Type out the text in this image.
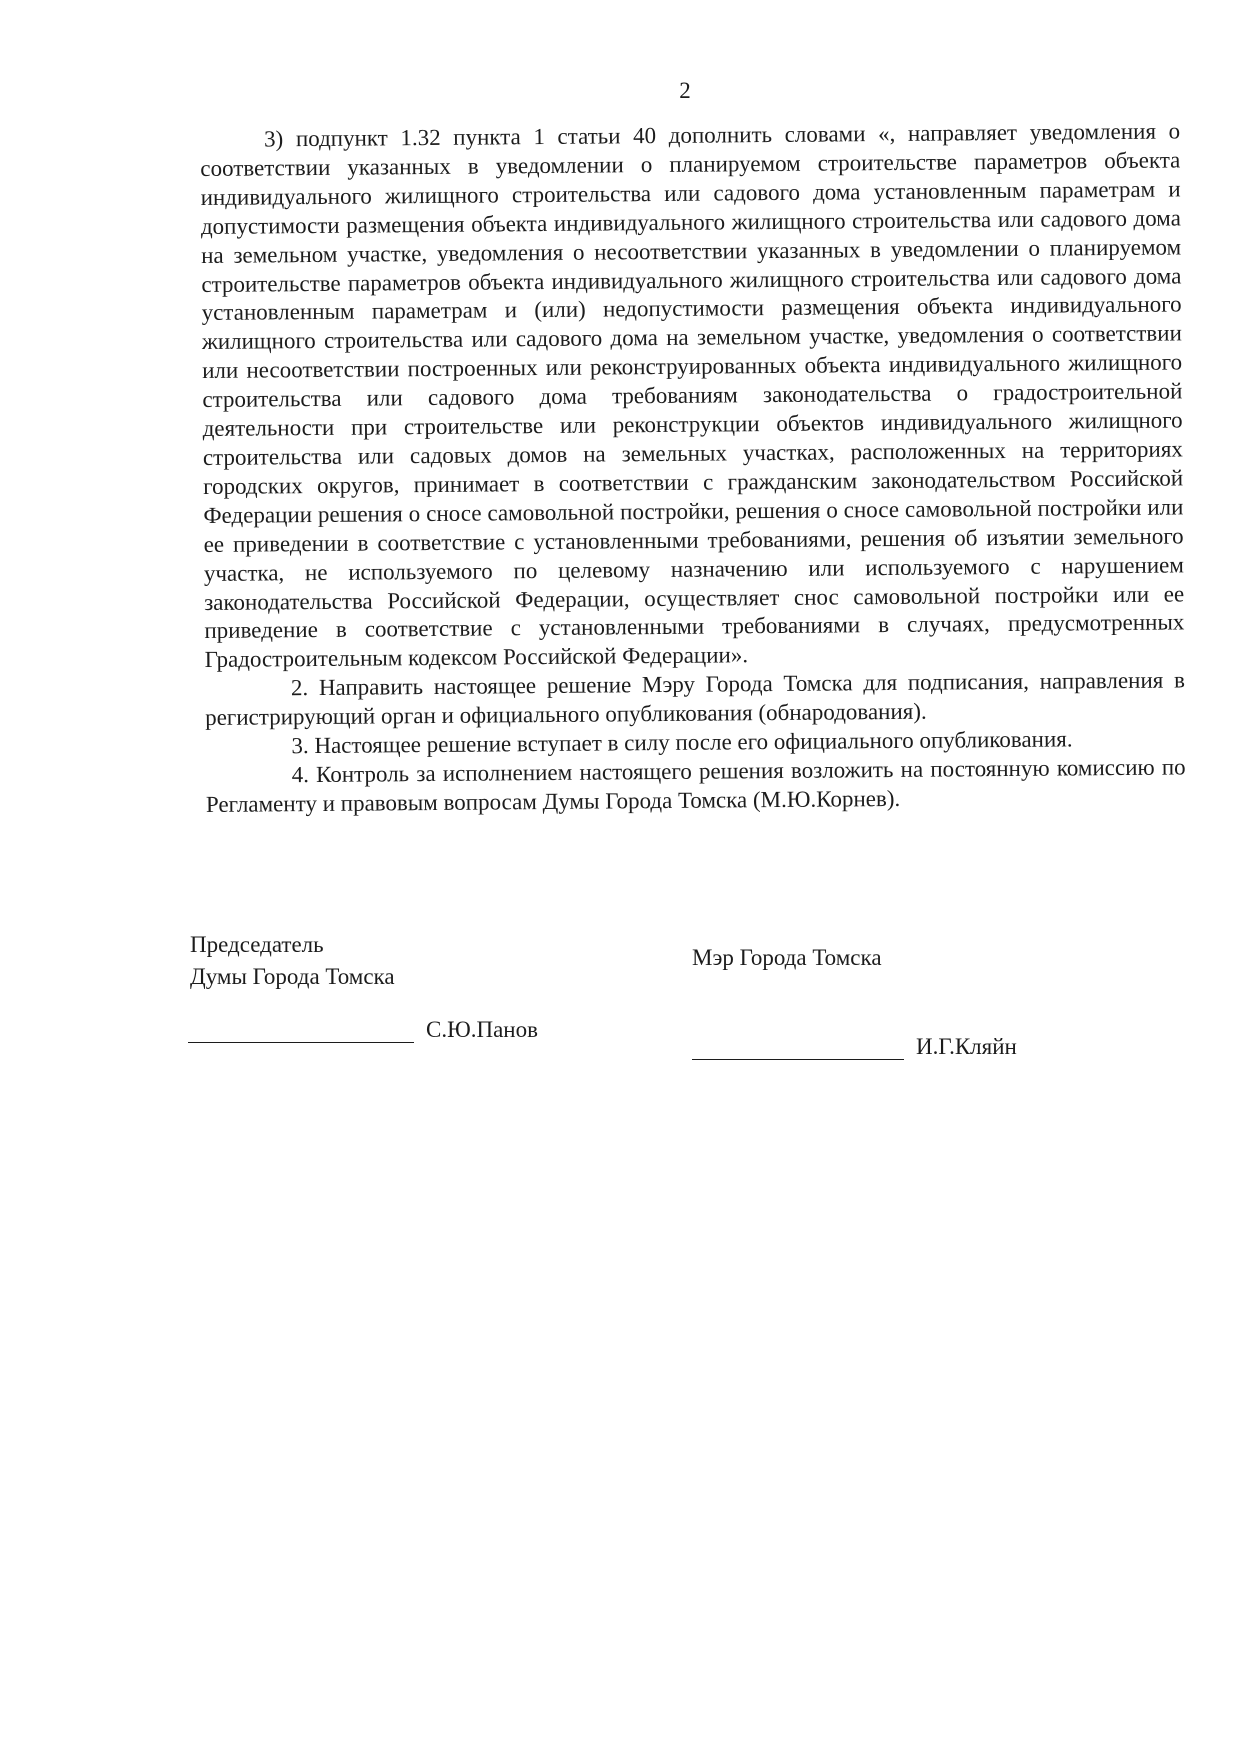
2

3) подпункт 1.32 пункта 1 статьи 40 дополнить словами «, направляет уведомления о соответствии указанных в уведомлении о планируемом строительстве параметров объекта индивидуального жилищного строительства или садового дома установленным параметрам и допустимости размещения объекта индивидуального жилищного строительства или садового дома на земельном участке, уведомления о несоответствии указанных в уведомлении о планируемом строительстве параметров объекта индивидуального жилищного строительства или садового дома установленным параметрам и (или) недопустимости размещения объекта индивидуального жилищного строительства или садового дома на земельном участке, уведомления о соответствии или несоответствии построенных или реконструированных объекта индивидуального жилищного строительства или садового дома требованиям законодательства о градостроительной деятельности при строительстве или реконструкции объектов индивидуального жилищного строительства или садовых домов на земельных участках, расположенных на территориях городских округов, принимает в соответствии с гражданским законодательством Российской Федерации решения о сносе самовольной постройки, решения о сносе самовольной постройки или ее приведении в соответствие с установленными требованиями, решения об изъятии земельного участка, не используемого по целевому назначению или используемого с нарушением законодательства Российской Федерации, осуществляет снос самовольной постройки или ее приведение в соответствие с установленными требованиями в случаях, предусмотренных Градостроительным кодексом Российской Федерации».

2. Направить настоящее решение Мэру Города Томска для подписания, направления в регистрирующий орган и официального опубликования (обнародования).

3. Настоящее решение вступает в силу после его официального опубликования.

4. Контроль за исполнением настоящего решения возложить на постоянную комиссию по Регламенту и правовым вопросам Думы Города Томска (М.Ю.Корнев).

Председатель
Думы Города Томска
Мэр Города Томска
С.Ю.Панов
И.Г.Кляйн
